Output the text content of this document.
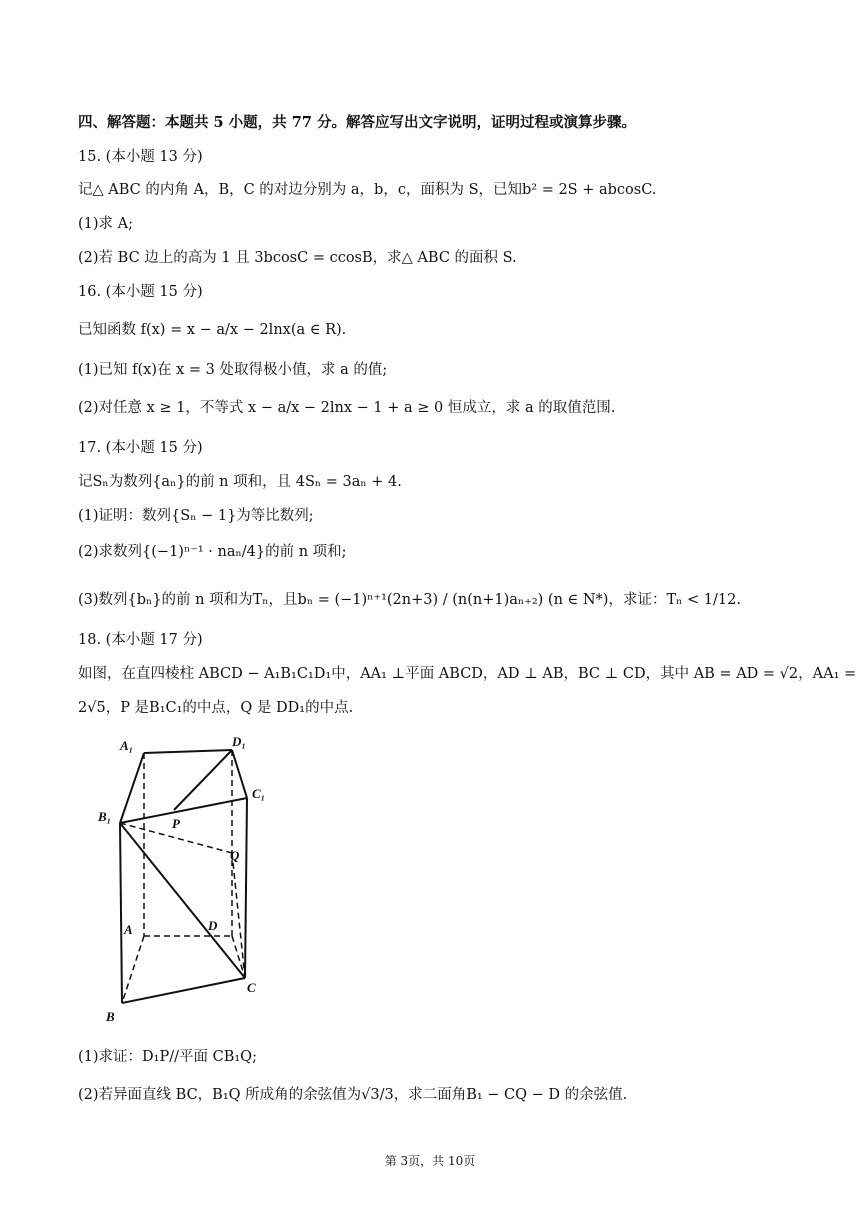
四、解答题：本题共 5 小题，共 77 分。解答应写出文字说明，证明过程或演算步骤。
15. (本小题 13 分)
记△ ABC 的内角 A，B，C 的对边分别为 a，b，c，面积为 S，已知b² = 2S + abcosC.
(1)求 A;
(2)若 BC 边上的高为 1 且 3bcosC = ccosB，求△ ABC 的面积 S.
16. (本小题 15 分)
已知函数 f(x) = x − a/x − 2lnx(a ∈ R).
(1)已知 f(x)在 x = 3 处取得极小值，求 a 的值;
(2)对任意 x ≥ 1，不等式 x − a/x − 2lnx − 1 + a ≥ 0 恒成立，求 a 的取值范围.
17. (本小题 15 分)
记Sₙ为数列{aₙ}的前 n 项和，且 4Sₙ = 3aₙ + 4.
(1)证明：数列{Sₙ − 1}为等比数列;
(2)求数列{(−1)ⁿ⁻¹ · naₙ/4}的前 n 项和;
(3)数列{bₙ}的前 n 项和为Tₙ，且bₙ = (−1)ⁿ⁺¹(2n+3) / (n(n+1)aₙ₊₂) (n ∈ N*)，求证：Tₙ < 1/12.
18. (本小题 17 分)
如图，在直四棱柱 ABCD − A₁B₁C₁D₁中，AA₁ ⊥平面 ABCD，AD ⊥ AB，BC ⊥ CD，其中 AB = AD = √2，AA₁ =
2√5，P 是B₁C₁的中点，Q 是 DD₁的中点.
A₁	D₁
C₁
B₁	P
Q
A	D
C
B
(1)求证：D₁P//平面 CB₁Q;
(2)若异面直线 BC，B₁Q 所成角的余弦值为√3/3，求二面角B₁ − CQ − D 的余弦值.
第 3页，共 10页
